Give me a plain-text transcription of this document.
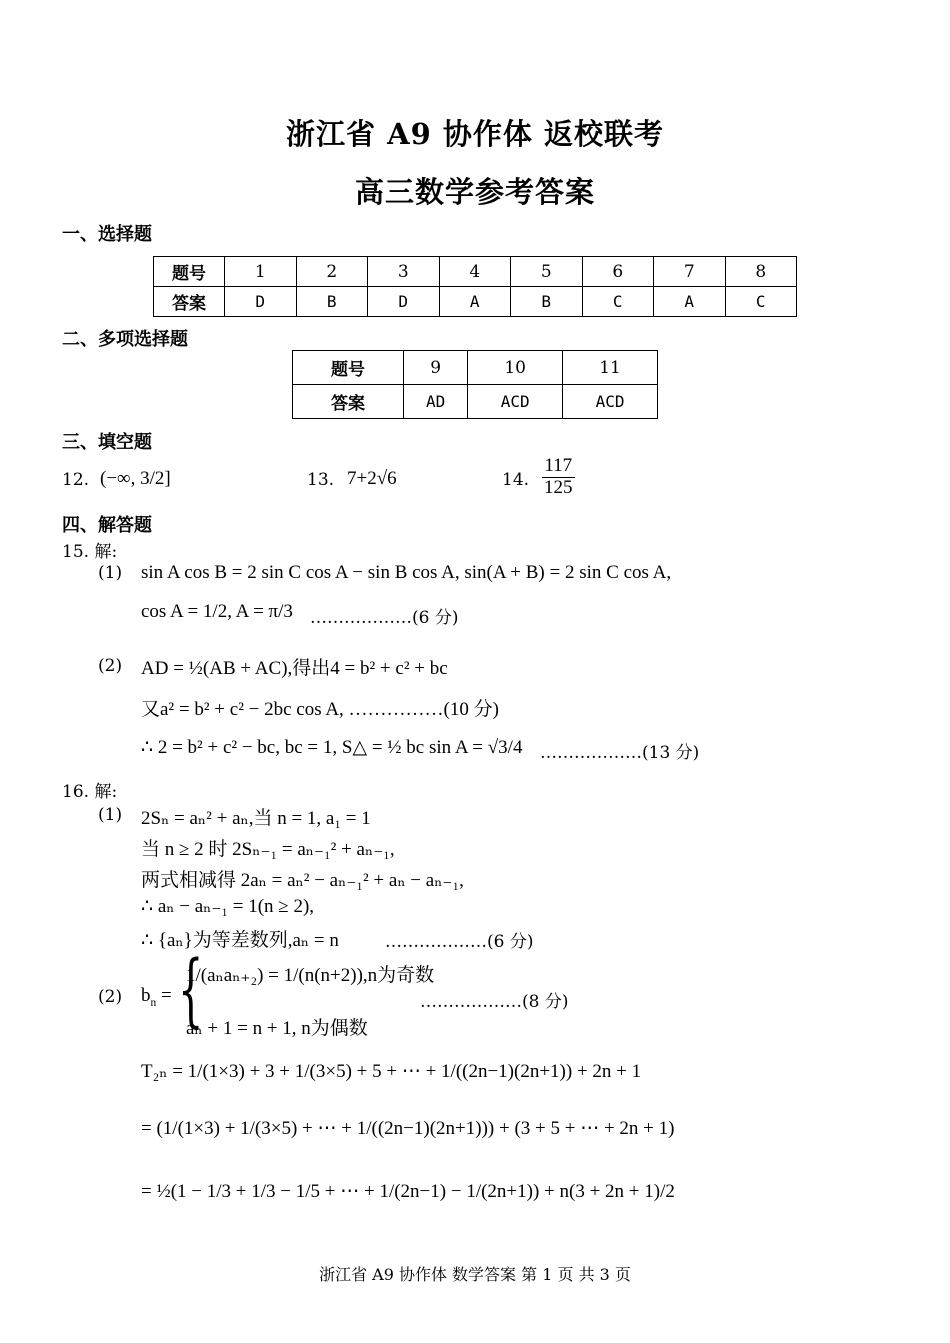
浙江省 A9 协作体 返校联考
高三数学参考答案
一、选择题
题号	1	2	3	4	5	6	7	8
答案	D	B	D	A	B	C	A	C
二、多项选择题
题号	9	10	11
答案	AD	ACD	ACD
三、填空题
12. (−∞, 3/2]	13. 7+2√6	14. $\frac{117}{125}$
四、解答题
15. 解:
(1) sin A cos B = 2 sin C cos A − sin B cos A, sin(A + B) = 2 sin C cos A,
cos A = 1/2, A = π/3 ………………(6 分)
(2) AD = ½(AB + AC),得出4 = b² + c² + bc
又a² = b² + c² − 2bc cos A, ……………(10 分)
∴ 2 = b² + c² − bc, bc = 1, S△ = ½ bc sin A = √3/4 ………………(13 分)
16. 解:
(1) 2Sₙ = aₙ² + aₙ,当 n = 1, a₁ = 1
当 n ≥ 2 时 2Sₙ₋₁ = aₙ₋₁² + aₙ₋₁,
两式相减得 2aₙ = aₙ² − aₙ₋₁² + aₙ − aₙ₋₁,
∴ aₙ − aₙ₋₁ = 1(n ≥ 2),
∴ {aₙ}为等差数列,aₙ = n	………………(6 分)
(2) $b_n$ = {
1/(aₙaₙ₊₂) = 1/(n(n+2)),n为奇数
aₙ + 1 = n + 1, n为偶数
………………(8 分)
T₂ₙ = 1/(1×3) + 3 + 1/(3×5) + 5 + ⋯ + 1/((2n−1)(2n+1)) + 2n + 1
= (1/(1×3) + 1/(3×5) + ⋯ + 1/((2n−1)(2n+1))) + (3 + 5 + ⋯ + 2n + 1)
= ½(1 − 1/3 + 1/3 − 1/5 + ⋯ + 1/(2n−1) − 1/(2n+1)) + n(3 + 2n + 1)/2
浙江省 A9 协作体 数学答案 第 1 页 共 3 页
